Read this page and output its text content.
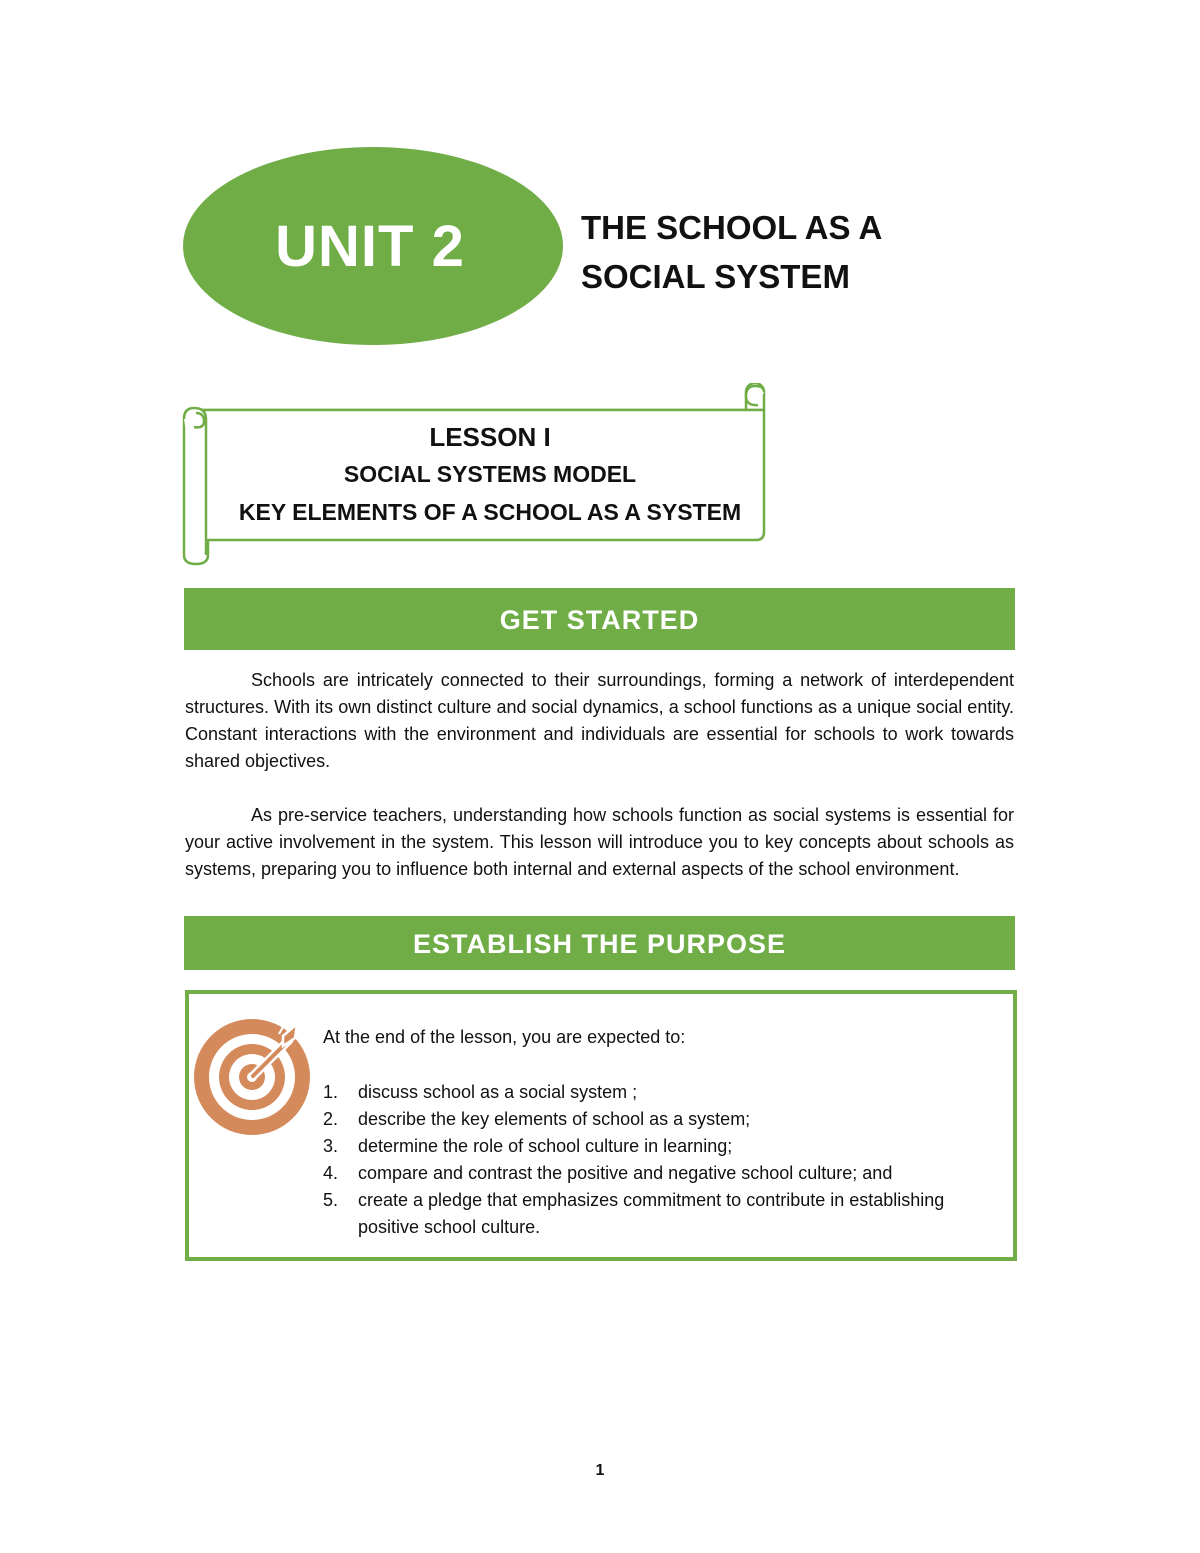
UNIT 2	THE SCHOOL AS A
SOCIAL SYSTEM
LESSON I
SOCIAL SYSTEMS MODEL
KEY ELEMENTS OF A SCHOOL AS A SYSTEM
GET STARTED

Schools are intricately connected to their surroundings, forming a network of interdependent structures. With its own distinct culture and social dynamics, a school functions as a unique social entity. Constant interactions with the environment and individuals are essential for schools to work towards shared objectives.

As pre-service teachers, understanding how schools function as social systems is essential for your active involvement in the system. This lesson will introduce you to key concepts about schools as systems, preparing you to influence both internal and external aspects of the school environment.

ESTABLISH THE PURPOSE
At the end of the lesson, you are expected to:
1. discuss school as a social system ;
2. describe the key elements of school as a system;
3. determine the role of school culture in learning;
4. compare and contrast the positive and negative school culture; and
5. create a pledge that emphasizes commitment to contribute in establishing positive school culture.
1
